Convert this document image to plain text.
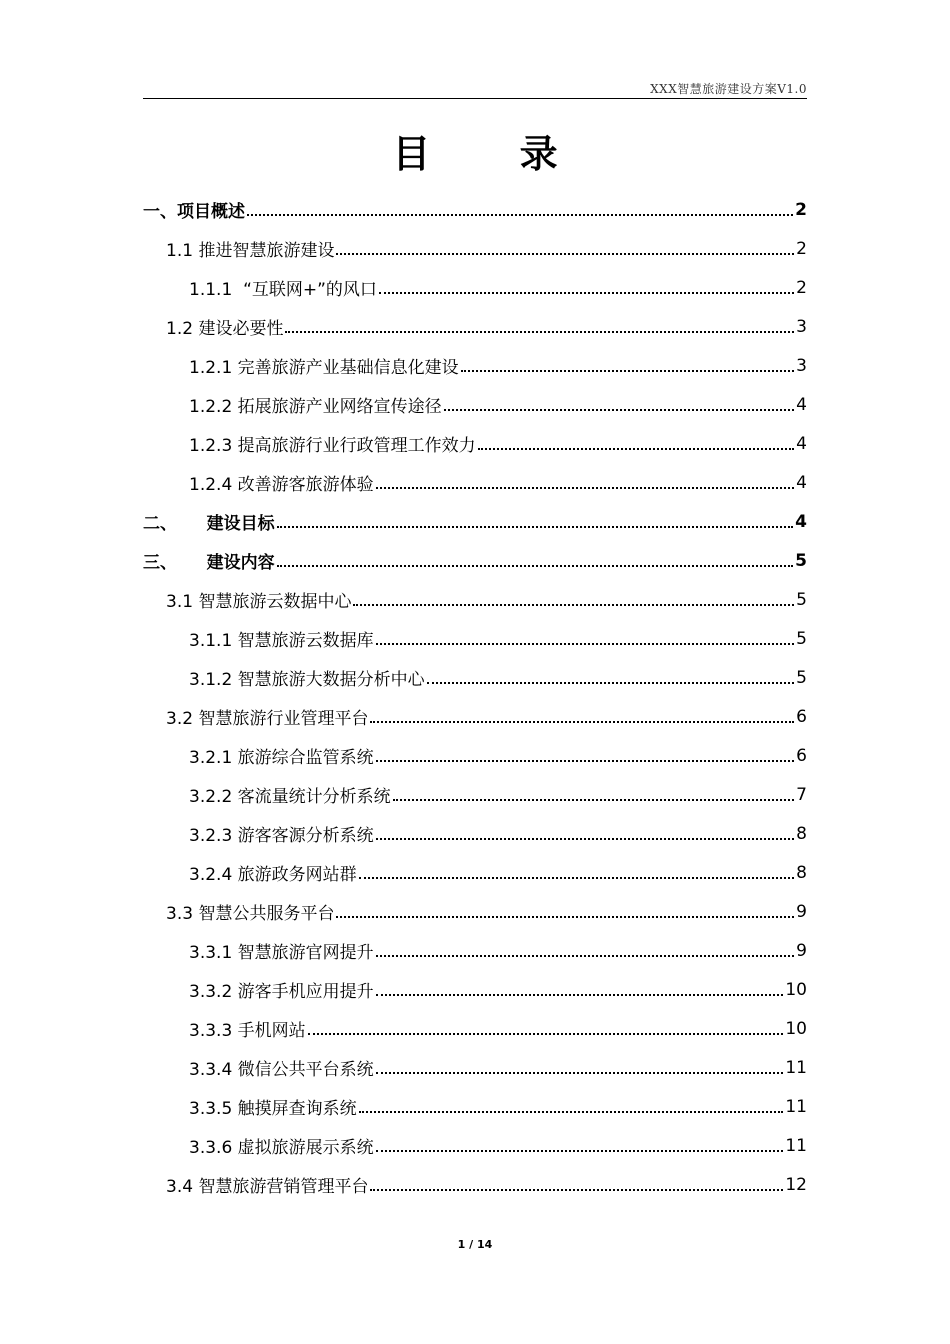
XXX智慧旅游建设方案V1.0
目 录
一、项目概述	2
1.1 推进智慧旅游建设	2
1.1.1  “互联网+”的风口	2
1.2 建设必要性	3
1.2.1 完善旅游产业基础信息化建设	3
1.2.2 拓展旅游产业网络宣传途径	4
1.2.3 提高旅游行业行政管理工作效力	4
1.2.4 改善游客旅游体验	4
二、     建设目标	4
三、     建设内容	5
3.1 智慧旅游云数据中心	5
3.1.1 智慧旅游云数据库	5
3.1.2 智慧旅游大数据分析中心	5
3.2 智慧旅游行业管理平台	6
3.2.1 旅游综合监管系统	6
3.2.2 客流量统计分析系统	7
3.2.3 游客客源分析系统	8
3.2.4 旅游政务网站群	8
3.3 智慧公共服务平台	9
3.3.1 智慧旅游官网提升	9
3.3.2 游客手机应用提升	10
3.3.3 手机网站	10
3.3.4 微信公共平台系统	11
3.3.5 触摸屏查询系统	11
3.3.6 虚拟旅游展示系统	11
3.4 智慧旅游营销管理平台	12
1 / 14
